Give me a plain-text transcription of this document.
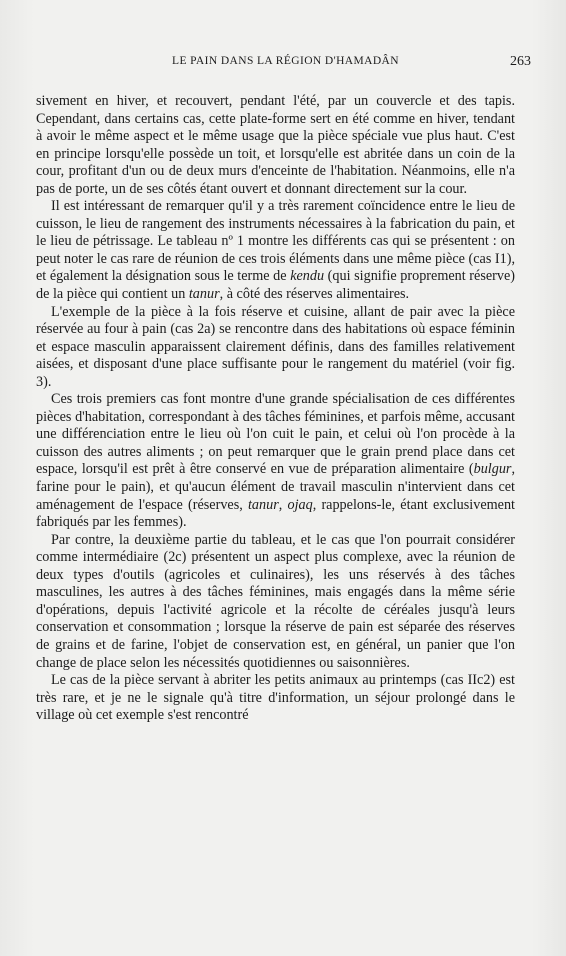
LE PAIN DANS LA RÉGION D'HAMADÂN	263

sivement en hiver, et recouvert, pendant l'été, par un couvercle et des tapis. Cependant, dans certains cas, cette plate-forme sert en été comme en hiver, tendant à avoir le même aspect et le même usage que la pièce spéciale vue plus haut. C'est en principe lorsqu'elle possède un toit, et lorsqu'elle est abritée dans un coin de la cour, profitant d'un ou de deux murs d'enceinte de l'habitation. Néanmoins, elle n'a pas de porte, un de ses côtés étant ouvert et donnant directement sur la cour.

Il est intéressant de remarquer qu'il y a très rarement coïncidence entre le lieu de cuisson, le lieu de rangement des instruments nécessaires à la fabrication du pain, et le lieu de pétrissage. Le tableau nº 1 montre les différents cas qui se présentent : on peut noter le cas rare de réunion de ces trois éléments dans une même pièce (cas I1), et également la désignation sous le terme de kendu (qui signifie proprement réserve) de la pièce qui contient un tanur, à côté des réserves alimentaires.

L'exemple de la pièce à la fois réserve et cuisine, allant de pair avec la pièce réservée au four à pain (cas 2a) se rencontre dans des habitations où espace féminin et espace masculin apparaissent clairement définis, dans des familles relativement aisées, et disposant d'une place suffisante pour le rangement du matériel (voir fig. 3).

Ces trois premiers cas font montre d'une grande spécialisation de ces différentes pièces d'habitation, correspondant à des tâches féminines, et parfois même, accusant une différenciation entre le lieu où l'on cuit le pain, et celui où l'on procède à la cuisson des autres aliments ; on peut remarquer que le grain prend place dans cet espace, lorsqu'il est prêt à être conservé en vue de préparation alimentaire (bulgur, farine pour le pain), et qu'aucun élément de travail masculin n'intervient dans cet aménagement de l'espace (réserves, tanur, ojaq, rappelons-le, étant exclusivement fabriqués par les femmes).

Par contre, la deuxième partie du tableau, et le cas que l'on pourrait considérer comme intermédiaire (2c) présentent un aspect plus complexe, avec la réunion de deux types d'outils (agricoles et culinaires), les uns réservés à des tâches masculines, les autres à des tâches féminines, mais engagés dans la même série d'opérations, depuis l'activité agricole et la récolte de céréales jusqu'à leurs conservation et consommation ; lorsque la réserve de pain est séparée des réserves de grains et de farine, l'objet de conservation est, en général, un panier que l'on change de place selon les nécessités quotidiennes ou saisonnières.

Le cas de la pièce servant à abriter les petits animaux au printemps (cas IIc2) est très rare, et je ne le signale qu'à titre d'information, un séjour prolongé dans le village où cet exemple s'est rencontré
